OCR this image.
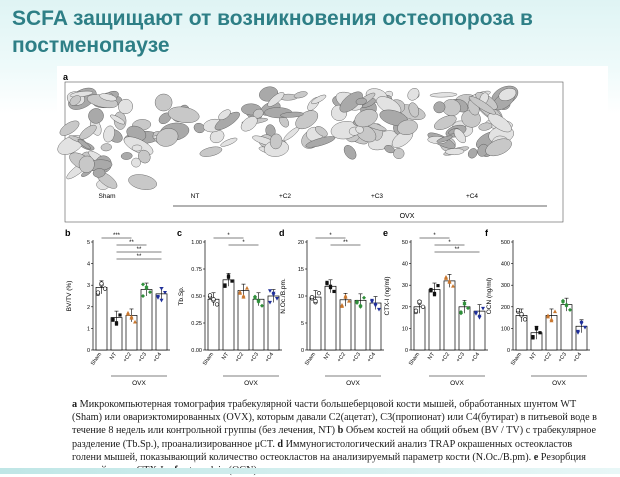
SCFA защищают от возникновения остеопороза в постменопаузе
a
Sham	NT	+C2	+C3	+C4
OVX
b
BV/TV (%)
0
1
2
3
4
5
Sham NT +C2 +C3 +C4
***
**
**
**
OVX
c
Tb.Sp.
0.00
0.25
0.50
0.75
1.00
Sham NT +C2 +C3 +C4
*
*
OVX
d
N.Oc./B.pm.
0
5
10
15
20
Sham NT +C2 +C3 +C4
*
**
OVX
e
CTX-I (ng/ml)
0
10
20
30
40
50
Sham NT +C2 +C3 +C4
*
*
**
OVX
f
OCN (ng/ml)
0
100
200
300
400
500
Sham NT +C2 +C3 +C4
OVX
a Микрокомпьютерная томография трабекулярной части большеберцовой кости мышей, обработанных шунтом WT (Sham) или овариэктомированных (OVX), которым давали C2(ацетат), C3(пропионат) или C4(бутират) в питьевой воде в течение 8 недель или контрольной группы (без лечения, NT) b Объем костей на общий объем (BV / TV) с трабекулярное разделение (Tb.Sp.), проанализированное μCT. d Иммуногистологический анализ TRAP окрашенных остеокластов голени мышей, показывающий количество остеокластов на анализируемый параметр кости (N.Oc./B.pm). e Резорбция
